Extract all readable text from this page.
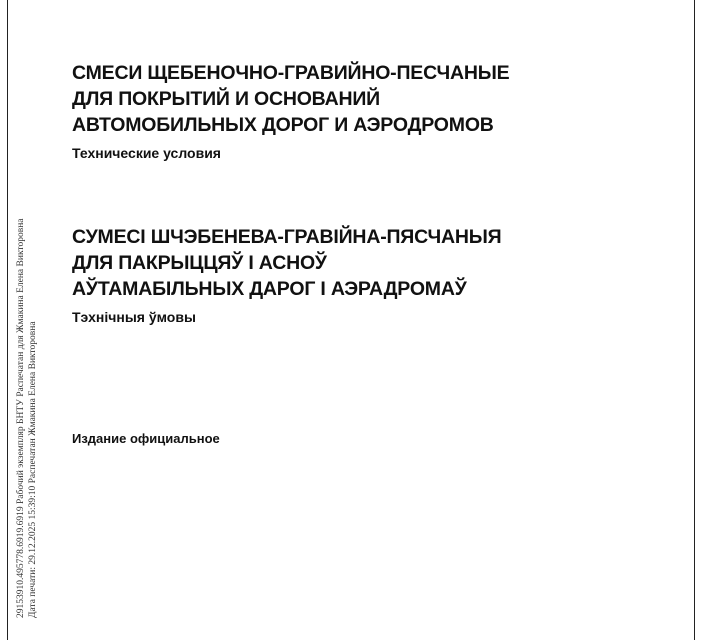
СМЕСИ ЩЕБЕНОЧНО-ГРАВИЙНО-ПЕСЧАНЫЕ
ДЛЯ ПОКРЫТИЙ И ОСНОВАНИЙ
АВТОМОБИЛЬНЫХ ДОРОГ И АЭРОДРОМОВ

Технические условия

СУМЕСІ ШЧЭБЕНЕВА-ГРАВІЙНА-ПЯСЧАНЫЯ
ДЛЯ ПАКРЫЦЦЯЎ І АСНОЎ
АЎТАМАБІЛЬНЫХ ДАРОГ І АЭРАДРОМАЎ

Тэхнічныя ўмовы

Издание официальное
29153910.495778.6919.6919 Рабочий экземпляр БНТУ Распечатан для Жмакина Елена Викторовна Дата печати: 29.12.2025 15:39:10 Распечатан Жмакина Елена Викторовна
